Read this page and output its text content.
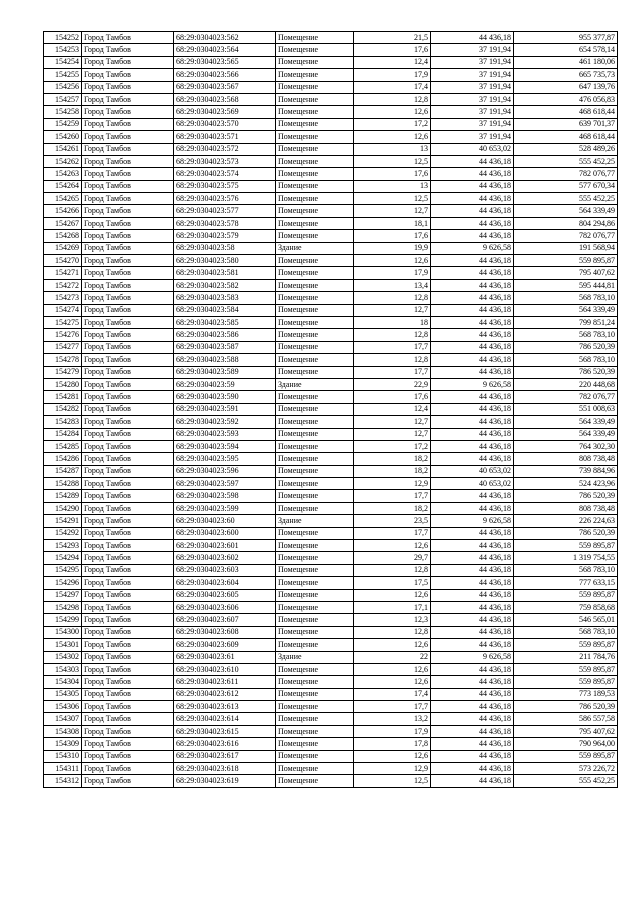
154252	Город Тамбов	68:29:0304023:562	Помещение	21,5	44 436,18	955 377,87
154253	Город Тамбов	68:29:0304023:564	Помещение	17,6	37 191,94	654 578,14
154254	Город Тамбов	68:29:0304023:565	Помещение	12,4	37 191,94	461 180,06
154255	Город Тамбов	68:29:0304023:566	Помещение	17,9	37 191,94	665 735,73
154256	Город Тамбов	68:29:0304023:567	Помещение	17,4	37 191,94	647 139,76
154257	Город Тамбов	68:29:0304023:568	Помещение	12,8	37 191,94	476 056,83
154258	Город Тамбов	68:29:0304023:569	Помещение	12,6	37 191,94	468 618,44
154259	Город Тамбов	68:29:0304023:570	Помещение	17,2	37 191,94	639 701,37
154260	Город Тамбов	68:29:0304023:571	Помещение	12,6	37 191,94	468 618,44
154261	Город Тамбов	68:29:0304023:572	Помещение	13	40 653,02	528 489,26
154262	Город Тамбов	68:29:0304023:573	Помещение	12,5	44 436,18	555 452,25
154263	Город Тамбов	68:29:0304023:574	Помещение	17,6	44 436,18	782 076,77
154264	Город Тамбов	68:29:0304023:575	Помещение	13	44 436,18	577 670,34
154265	Город Тамбов	68:29:0304023:576	Помещение	12,5	44 436,18	555 452,25
154266	Город Тамбов	68:29:0304023:577	Помещение	12,7	44 436,18	564 339,49
154267	Город Тамбов	68:29:0304023:578	Помещение	18,1	44 436,18	804 294,86
154268	Город Тамбов	68:29:0304023:579	Помещение	17,6	44 436,18	782 076,77
154269	Город Тамбов	68:29:0304023:58	Здание	19,9	9 626,58	191 568,94
154270	Город Тамбов	68:29:0304023:580	Помещение	12,6	44 436,18	559 895,87
154271	Город Тамбов	68:29:0304023:581	Помещение	17,9	44 436,18	795 407,62
154272	Город Тамбов	68:29:0304023:582	Помещение	13,4	44 436,18	595 444,81
154273	Город Тамбов	68:29:0304023:583	Помещение	12,8	44 436,18	568 783,10
154274	Город Тамбов	68:29:0304023:584	Помещение	12,7	44 436,18	564 339,49
154275	Город Тамбов	68:29:0304023:585	Помещение	18	44 436,18	799 851,24
154276	Город Тамбов	68:29:0304023:586	Помещение	12,8	44 436,18	568 783,10
154277	Город Тамбов	68:29:0304023:587	Помещение	17,7	44 436,18	786 520,39
154278	Город Тамбов	68:29:0304023:588	Помещение	12,8	44 436,18	568 783,10
154279	Город Тамбов	68:29:0304023:589	Помещение	17,7	44 436,18	786 520,39
154280	Город Тамбов	68:29:0304023:59	Здание	22,9	9 626,58	220 448,68
154281	Город Тамбов	68:29:0304023:590	Помещение	17,6	44 436,18	782 076,77
154282	Город Тамбов	68:29:0304023:591	Помещение	12,4	44 436,18	551 008,63
154283	Город Тамбов	68:29:0304023:592	Помещение	12,7	44 436,18	564 339,49
154284	Город Тамбов	68:29:0304023:593	Помещение	12,7	44 436,18	564 339,49
154285	Город Тамбов	68:29:0304023:594	Помещение	17,2	44 436,18	764 302,30
154286	Город Тамбов	68:29:0304023:595	Помещение	18,2	44 436,18	808 738,48
154287	Город Тамбов	68:29:0304023:596	Помещение	18,2	40 653,02	739 884,96
154288	Город Тамбов	68:29:0304023:597	Помещение	12,9	40 653,02	524 423,96
154289	Город Тамбов	68:29:0304023:598	Помещение	17,7	44 436,18	786 520,39
154290	Город Тамбов	68:29:0304023:599	Помещение	18,2	44 436,18	808 738,48
154291	Город Тамбов	68:29:0304023:60	Здание	23,5	9 626,58	226 224,63
154292	Город Тамбов	68:29:0304023:600	Помещение	17,7	44 436,18	786 520,39
154293	Город Тамбов	68:29:0304023:601	Помещение	12,6	44 436,18	559 895,87
154294	Город Тамбов	68:29:0304023:602	Помещение	29,7	44 436,18	1 319 754,55
154295	Город Тамбов	68:29:0304023:603	Помещение	12,8	44 436,18	568 783,10
154296	Город Тамбов	68:29:0304023:604	Помещение	17,5	44 436,18	777 633,15
154297	Город Тамбов	68:29:0304023:605	Помещение	12,6	44 436,18	559 895,87
154298	Город Тамбов	68:29:0304023:606	Помещение	17,1	44 436,18	759 858,68
154299	Город Тамбов	68:29:0304023:607	Помещение	12,3	44 436,18	546 565,01
154300	Город Тамбов	68:29:0304023:608	Помещение	12,8	44 436,18	568 783,10
154301	Город Тамбов	68:29:0304023:609	Помещение	12,6	44 436,18	559 895,87
154302	Город Тамбов	68:29:0304023:61	Здание	22	9 626,58	211 784,76
154303	Город Тамбов	68:29:0304023:610	Помещение	12,6	44 436,18	559 895,87
154304	Город Тамбов	68:29:0304023:611	Помещение	12,6	44 436,18	559 895,87
154305	Город Тамбов	68:29:0304023:612	Помещение	17,4	44 436,18	773 189,53
154306	Город Тамбов	68:29:0304023:613	Помещение	17,7	44 436,18	786 520,39
154307	Город Тамбов	68:29:0304023:614	Помещение	13,2	44 436,18	586 557,58
154308	Город Тамбов	68:29:0304023:615	Помещение	17,9	44 436,18	795 407,62
154309	Город Тамбов	68:29:0304023:616	Помещение	17,8	44 436,18	790 964,00
154310	Город Тамбов	68:29:0304023:617	Помещение	12,6	44 436,18	559 895,87
154311	Город Тамбов	68:29:0304023:618	Помещение	12,9	44 436,18	573 226,72
154312	Город Тамбов	68:29:0304023:619	Помещение	12,5	44 436,18	555 452,25
